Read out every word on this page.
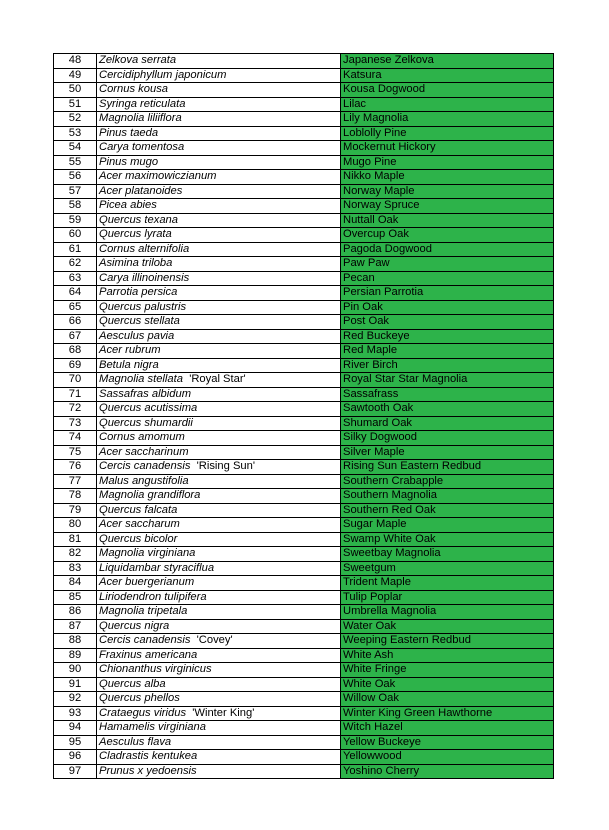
48	Zelkova serrata	Japanese Zelkova
49	Cercidiphyllum japonicum	Katsura
50	Cornus kousa	Kousa Dogwood
51	Syringa reticulata	Lilac
52	Magnolia liliiflora	Lily Magnolia
53	Pinus taeda	Loblolly Pine
54	Carya tomentosa	Mockernut Hickory
55	Pinus mugo	Mugo Pine
56	Acer maximowiczianum	Nikko Maple
57	Acer platanoides	Norway Maple
58	Picea abies	Norway Spruce
59	Quercus texana	Nuttall Oak
60	Quercus lyrata	Overcup Oak
61	Cornus alternifolia	Pagoda Dogwood
62	Asimina triloba	Paw Paw
63	Carya illinoinensis	Pecan
64	Parrotia persica	Persian Parrotia
65	Quercus palustris	Pin Oak
66	Quercus stellata	Post Oak
67	Aesculus pavia	Red Buckeye
68	Acer rubrum	Red Maple
69	Betula nigra	River Birch
70	Magnolia stellata 'Royal Star'	Royal Star Star Magnolia
71	Sassafras albidum	Sassafrass
72	Quercus acutissima	Sawtooth Oak
73	Quercus shumardii	Shumard Oak
74	Cornus amomum	Silky Dogwood
75	Acer saccharinum	Silver Maple
76	Cercis canadensis 'Rising Sun'	Rising Sun Eastern Redbud
77	Malus angustifolia	Southern Crabapple
78	Magnolia grandiflora	Southern Magnolia
79	Quercus falcata	Southern Red Oak
80	Acer saccharum	Sugar Maple
81	Quercus bicolor	Swamp White Oak
82	Magnolia virginiana	Sweetbay Magnolia
83	Liquidambar styraciflua	Sweetgum
84	Acer buergerianum	Trident Maple
85	Liriodendron tulipifera	Tulip Poplar
86	Magnolia tripetala	Umbrella Magnolia
87	Quercus nigra	Water Oak
88	Cercis canadensis 'Covey'	Weeping Eastern Redbud
89	Fraxinus americana	White Ash
90	Chionanthus virginicus	White Fringe
91	Quercus alba	White Oak
92	Quercus phellos	Willow Oak
93	Crataegus viridus 'Winter King'	Winter King Green Hawthorne
94	Hamamelis virginiana	Witch Hazel
95	Aesculus flava	Yellow Buckeye
96	Cladrastis kentukea	Yellowwood
97	Prunus x yedoensis	Yoshino Cherry
